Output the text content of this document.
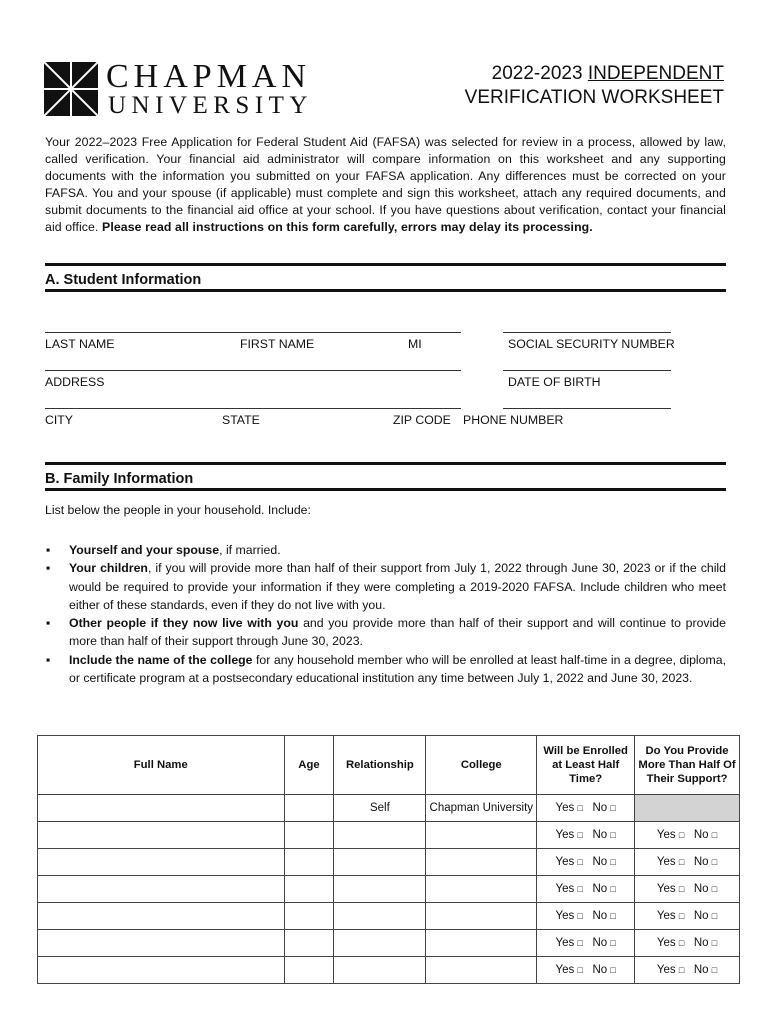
CHAPMAN
UNIVERSITY
2022-2023 INDEPENDENT
VERIFICATION WORKSHEET
Your 2022–2023 Free Application for Federal Student Aid (FAFSA) was selected for review in a process, allowed by law, called verification. Your financial aid administrator will compare information on this worksheet and any supporting documents with the information you submitted on your FAFSA application. Any differences must be corrected on your FAFSA. You and your spouse (if applicable) must complete and sign this worksheet, attach any required documents, and submit documents to the financial aid office at your school. If you have questions about verification, contact your financial aid office. Please read all instructions on this form carefully, errors may delay its processing.
A. Student Information
LAST NAME	FIRST NAME	MI	SOCIAL SECURITY NUMBER
ADDRESS	DATE OF BIRTH
CITY	STATE	ZIP CODE PHONE NUMBER
B. Family Information
List below the people in your household. Include:
▪ Yourself and your spouse, if married.
▪ Your children, if you will provide more than half of their support from July 1, 2022 through June 30, 2023 or if the child would be required to provide your information if they were completing a 2019-2020 FAFSA. Include children who meet either of these standards, even if they do not live with you.
▪ Other people if they now live with you and you provide more than half of their support and will continue to provide more than half of their support through June 30, 2023.
▪ Include the name of the college for any household member who will be enrolled at least half-time in a degree, diploma, or certificate program at a postsecondary educational institution any time between July 1, 2022 and June 30, 2023.
Full Name	Age	Relationship	College	Will be Enrolled at Least Half Time?	Do You Provide More Than Half Of Their Support?
		Self	Chapman University	Yes □ No □	
				Yes □ No □	Yes □ No □
				Yes □ No □	Yes □ No □
				Yes □ No □	Yes □ No □
				Yes □ No □	Yes □ No □
				Yes □ No □	Yes □ No □
				Yes □ No □	Yes □ No □
